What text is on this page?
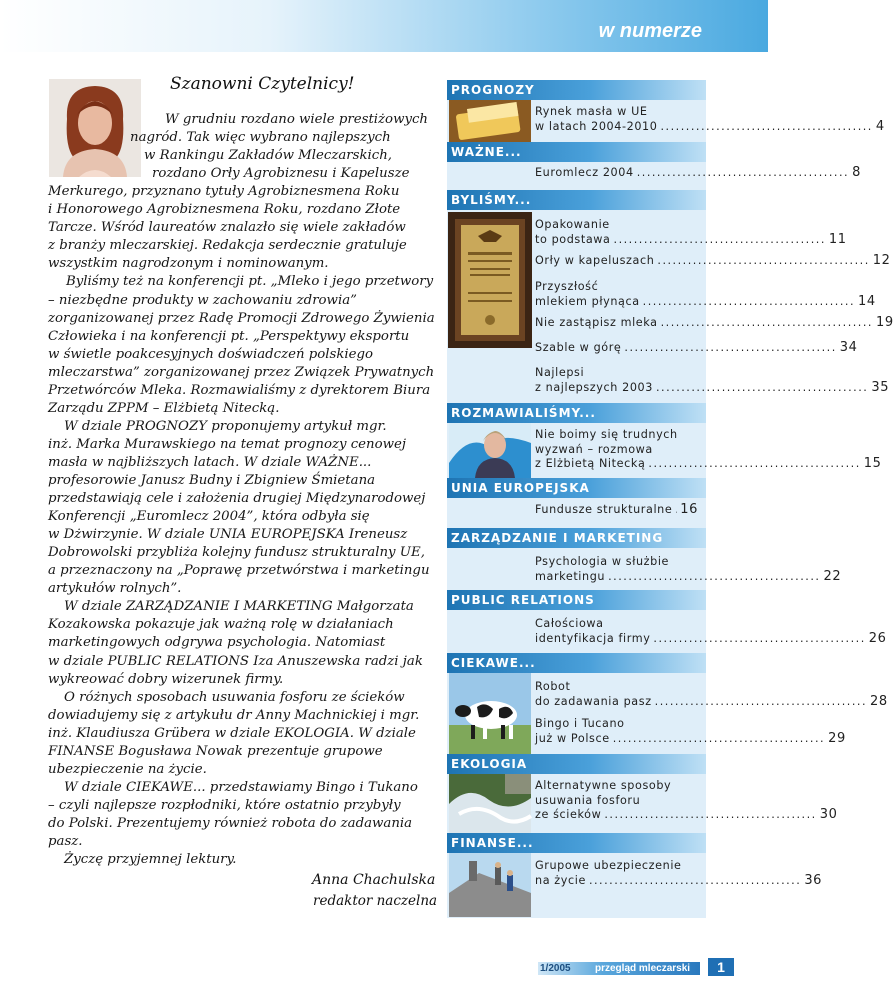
w numerze
Szanowni Czytelnicy!
W grudniu rozdano wiele prestiżowych
nagród. Tak więc wybrano najlepszych
w Rankingu Zakładów Mleczarskich,
rozdano Orły Agrobiznesu i Kapelusze
Merkurego, przyznano tytuły Agrobiznesmena Roku
i Honorowego Agrobiznesmena Roku, rozdano Złote
Tarcze. Wśród laureatów znalazło się wiele zakładów
z branży mleczarskiej. Redakcja serdecznie gratuluje
wszystkim nagrodzonym i nominowanym.
Byliśmy też na konferencji pt. „Mleko i jego przetwory
– niezbędne produkty w zachowaniu zdrowia”
zorganizowanej przez Radę Promocji Zdrowego Żywienia
Człowieka i na konferencji pt. „Perspektywy eksportu
w świetle poakcesyjnych doświadczeń polskiego
mleczarstwa” zorganizowanej przez Związek Prywatnych
Przetwórców Mleka. Rozmawialiśmy z dyrektorem Biura
Zarządu ZPPM – Elżbietą Nitecką.
W dziale PROGNOZY proponujemy artykuł mgr.
inż. Marka Murawskiego na temat prognozy cenowej
masła w najbliższych latach. W dziale WAŻNE...
profesorowie Janusz Budny i Zbigniew Śmietana
przedstawiają cele i założenia drugiej Międzynarodowej
Konferencji „Euromlecz 2004”, która odbyła się
w Dżwirzynie. W dziale UNIA EUROPEJSKA Ireneusz
Dobrowolski przybliża kolejny fundusz strukturalny UE,
a przeznaczony na „Poprawę przetwórstwa i marketingu
artykułów rolnych”.
W dziale ZARZĄDZANIE I MARKETING Małgorzata
Kozakowska pokazuje jak ważną rolę w działaniach
marketingowych odgrywa psychologia. Natomiast
w dziale PUBLIC RELATIONS Iza Anuszewska radzi jak
wykreować dobry wizerunek firmy.
O różnych sposobach usuwania fosforu ze ścieków
dowiadujemy się z artykułu dr Anny Machnickiej i mgr.
inż. Klaudiusza Grübera w dziale EKOLOGIA. W dziale
FINANSE Bogusława Nowak prezentuje grupowe
ubezpieczenie na życie.
W dziale CIEKAWE... przedstawiamy Bingo i Tukano
– czyli najlepsze rozpłodniki, które ostatnio przybyły
do Polski. Prezentujemy również robota do zadawania
pasz.
Życzę przyjemnej lektury.
Anna Chachulska
redaktor naczelna
PROGNOZY
WAŻNE...
BYLIŚMY...
ROZMAWIALIŚMY...
UNIA EUROPEJSKA
ZARZĄDZANIE I MARKETING
PUBLIC RELATIONS
CIEKAWE...
EKOLOGIA
FINANSE...
Rynek masła w UE
w latach 2004-2010 .......................................... 4
Euromlecz 2004 .......................................... 8
Opakowanie
to podstawa .......................................... 11
Orły w kapeluszach .......................................... 12
Przyszłość
mlekiem płynąca .......................................... 14
Nie zastąpisz mleka .......................................... 19
Szable w górę .......................................... 34
Najlepsi
z najlepszych 2003 .......................................... 35
Nie boimy się trudnych
wyzwań – rozmowa
z Elżbietą Nitecką .......................................... 15
Fundusze strukturalne 16
Psychologia w służbie
marketingu .......................................... 22
Całościowa
identyfikacja firmy .......................................... 26
Robot
do zadawania pasz .......................................... 28
Bingo i Tucano
już w Polsce .......................................... 29
Alternatywne sposoby
usuwania fosforu
ze ścieków .......................................... 30
Grupowe ubezpieczenie
na życie .......................................... 36
1/2005 przegląd mleczarski	1
